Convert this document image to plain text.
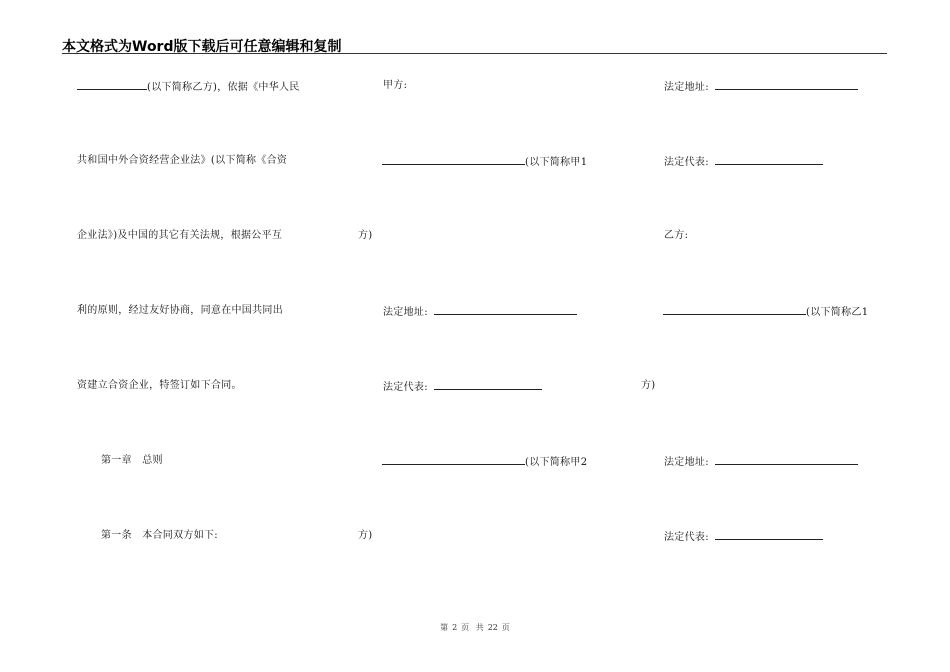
本文格式为Word版下载后可任意编辑和复制
(以下简称乙方)，依据《中华人民
共和国中外合资经营企业法》(以下简称《合资
企业法》)及中国的其它有关法规，根据公平互	方)
利的原则，经过友好协商，同意在中国共同出
资建立合资企业，特签订如下合同。
第一章　总则
第一条　本合同双方如下:	方)
甲方:
(以下简称甲1
法定地址:
法定代表:	方)
(以下简称甲2
法定地址:
法定代表:
乙方:
(以下简称乙1
法定地址:
法定代表:
第 2 页 共 22 页
